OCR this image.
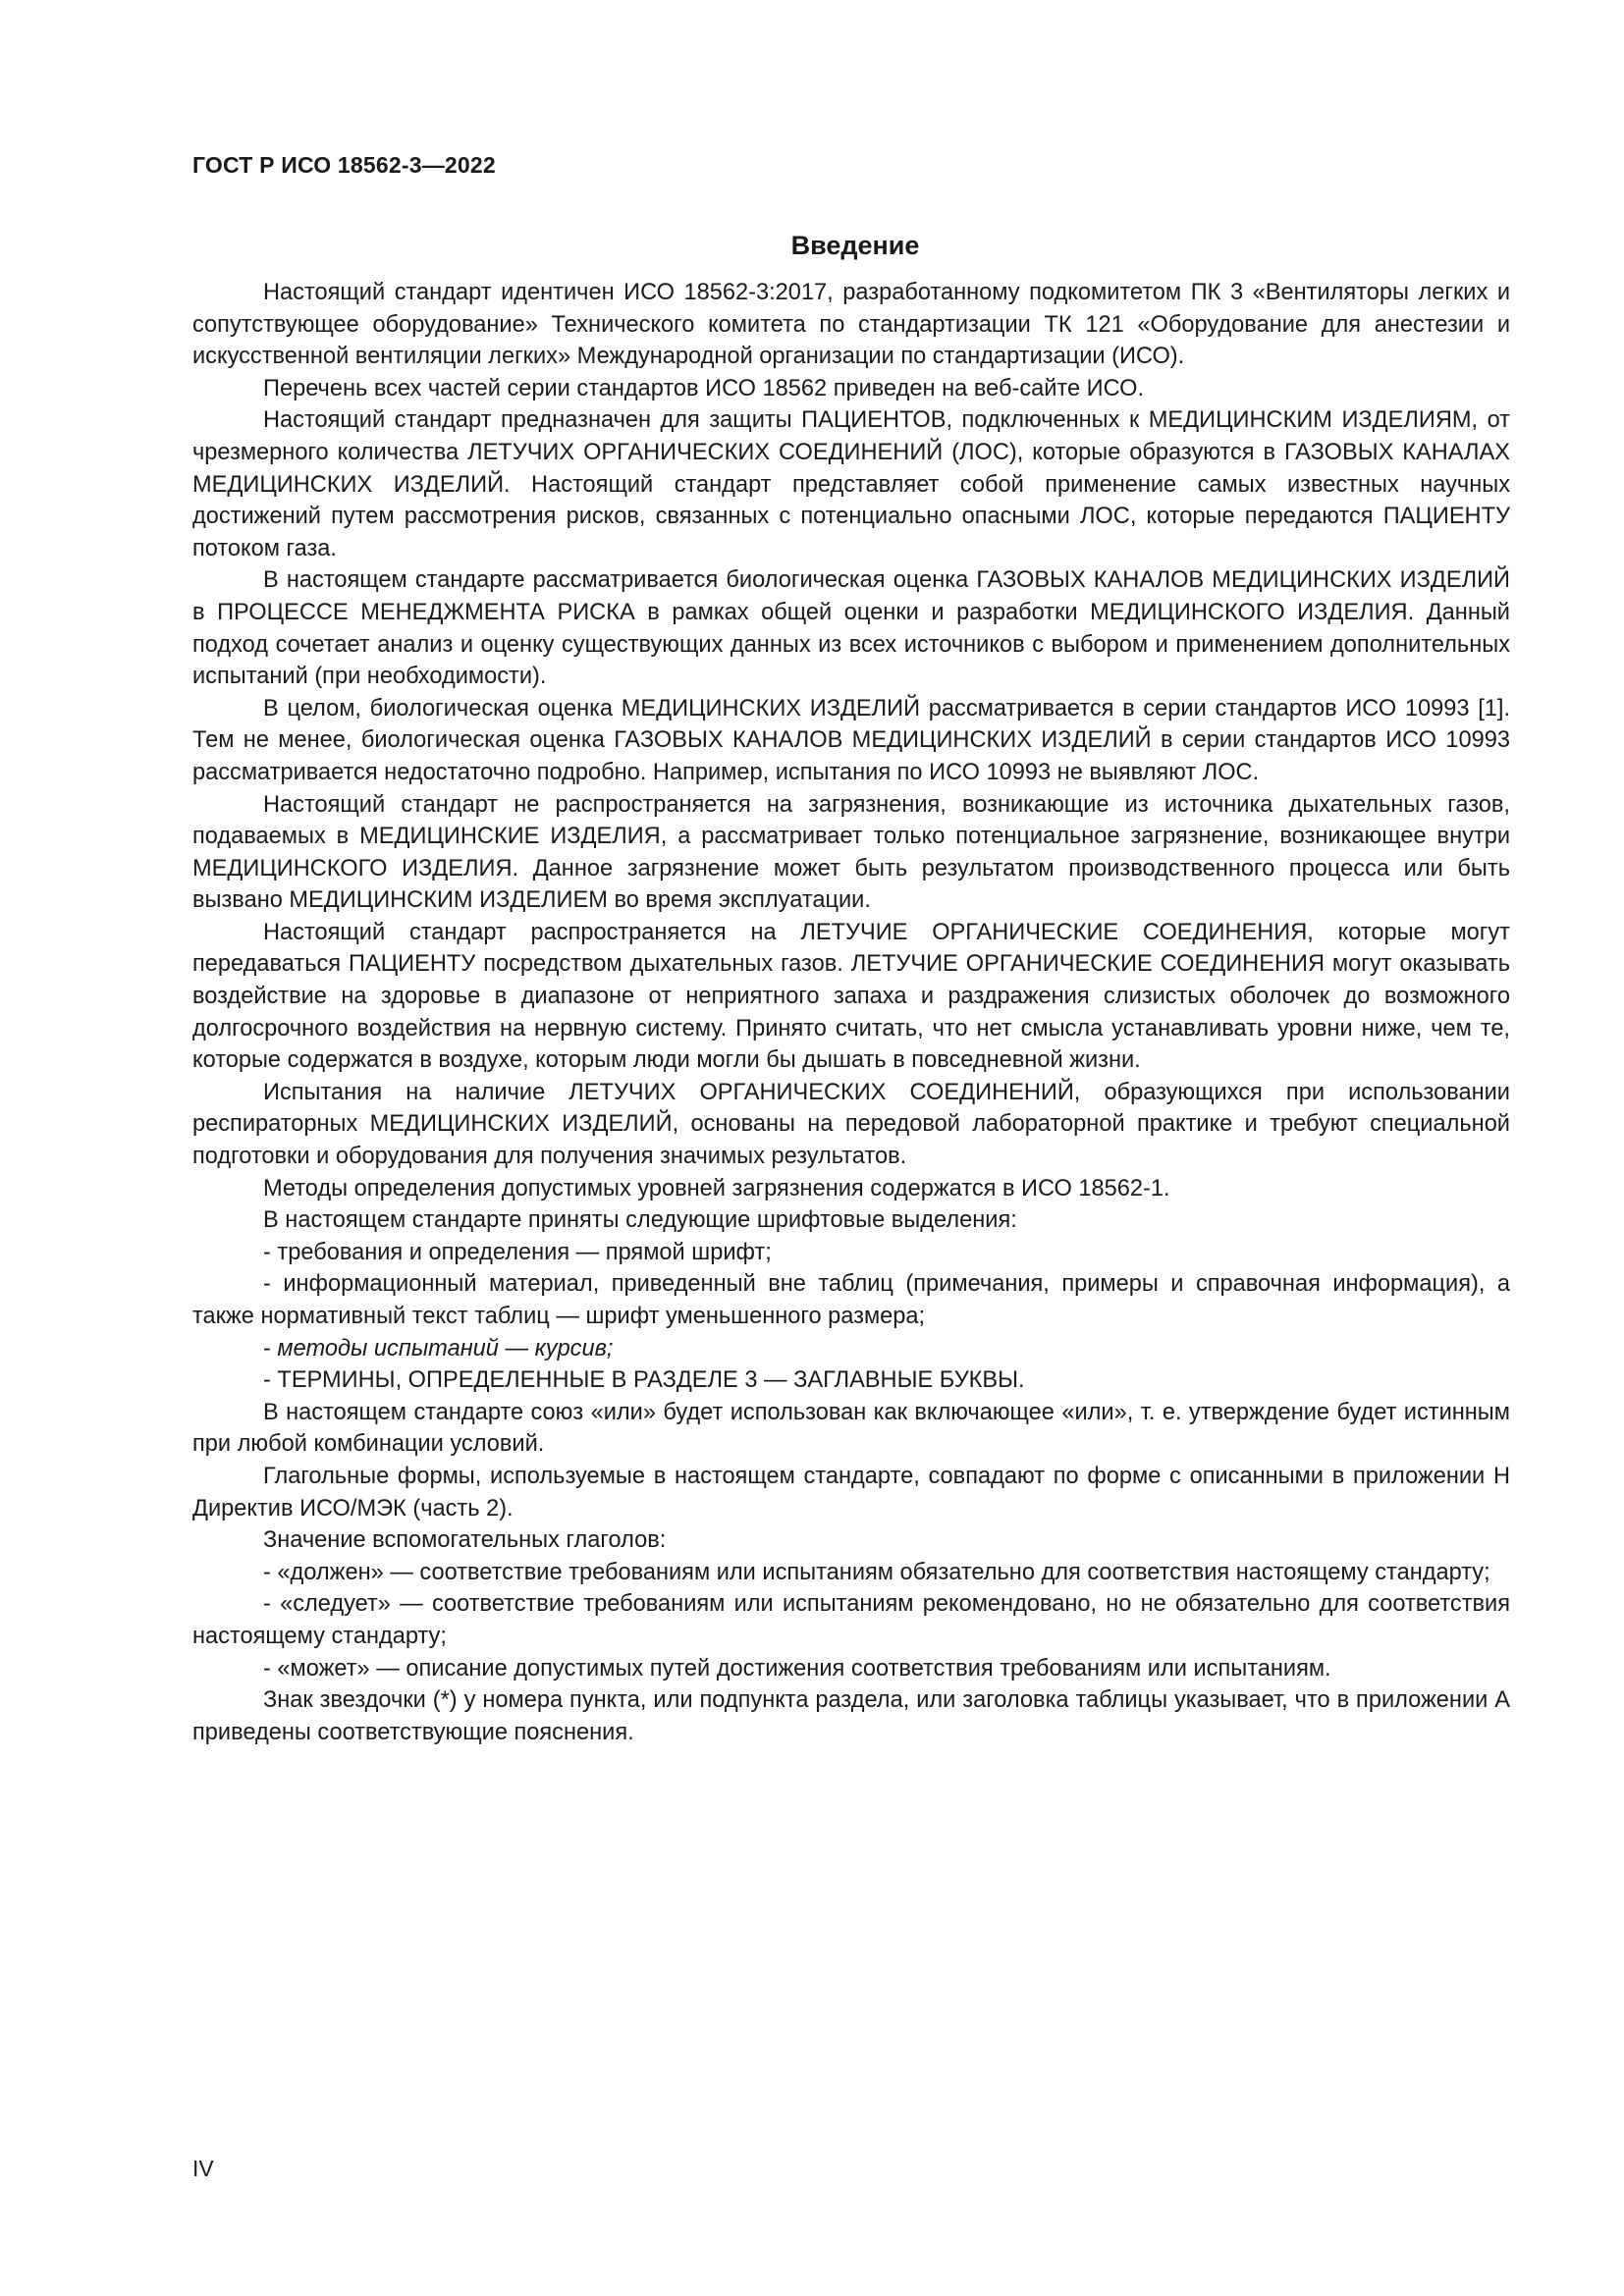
ГОСТ Р ИСО 18562-3—2022
Введение

Настоящий стандарт идентичен ИСО 18562-3:2017, разработанному подкомитетом ПК 3 «Вентиляторы легких и сопутствующее оборудование» Технического комитета по стандартизации ТК 121 «Оборудование для анестезии и искусственной вентиляции легких» Международной организации по стандартизации (ИСО).

Перечень всех частей серии стандартов ИСО 18562 приведен на веб-сайте ИСО.

Настоящий стандарт предназначен для защиты ПАЦИЕНТОВ, подключенных к МЕДИЦИНСКИМ ИЗДЕЛИЯМ, от чрезмерного количества ЛЕТУЧИХ ОРГАНИЧЕСКИХ СОЕДИНЕНИЙ (ЛОС), которые образуются в ГАЗОВЫХ КАНАЛАХ МЕДИЦИНСКИХ ИЗДЕЛИЙ. Настоящий стандарт представляет собой применение самых известных научных достижений путем рассмотрения рисков, связанных с потенциально опасными ЛОС, которые передаются ПАЦИЕНТУ потоком газа.

В настоящем стандарте рассматривается биологическая оценка ГАЗОВЫХ КАНАЛОВ МЕДИЦИНСКИХ ИЗДЕЛИЙ в ПРОЦЕССЕ МЕНЕДЖМЕНТА РИСКА в рамках общей оценки и разработки МЕДИЦИНСКОГО ИЗДЕЛИЯ. Данный подход сочетает анализ и оценку существующих данных из всех источников с выбором и применением дополнительных испытаний (при необходимости).

В целом, биологическая оценка МЕДИЦИНСКИХ ИЗДЕЛИЙ рассматривается в серии стандартов ИСО 10993 [1]. Тем не менее, биологическая оценка ГАЗОВЫХ КАНАЛОВ МЕДИЦИНСКИХ ИЗДЕЛИЙ в серии стандартов ИСО 10993 рассматривается недостаточно подробно. Например, испытания по ИСО 10993 не выявляют ЛОС.

Настоящий стандарт не распространяется на загрязнения, возникающие из источника дыхательных газов, подаваемых в МЕДИЦИНСКИЕ ИЗДЕЛИЯ, а рассматривает только потенциальное загрязнение, возникающее внутри МЕДИЦИНСКОГО ИЗДЕЛИЯ. Данное загрязнение может быть результатом производственного процесса или быть вызвано МЕДИЦИНСКИМ ИЗДЕЛИЕМ во время эксплуатации.

Настоящий стандарт распространяется на ЛЕТУЧИЕ ОРГАНИЧЕСКИЕ СОЕДИНЕНИЯ, которые могут передаваться ПАЦИЕНТУ посредством дыхательных газов. ЛЕТУЧИЕ ОРГАНИЧЕСКИЕ СОЕДИНЕНИЯ могут оказывать воздействие на здоровье в диапазоне от неприятного запаха и раздражения слизистых оболочек до возможного долгосрочного воздействия на нервную систему. Принято считать, что нет смысла устанавливать уровни ниже, чем те, которые содержатся в воздухе, которым люди могли бы дышать в повседневной жизни.

Испытания на наличие ЛЕТУЧИХ ОРГАНИЧЕСКИХ СОЕДИНЕНИЙ, образующихся при использовании респираторных МЕДИЦИНСКИХ ИЗДЕЛИЙ, основаны на передовой лабораторной практике и требуют специальной подготовки и оборудования для получения значимых результатов.

Методы определения допустимых уровней загрязнения содержатся в ИСО 18562-1.

В настоящем стандарте приняты следующие шрифтовые выделения:

- требования и определения — прямой шрифт;

- информационный материал, приведенный вне таблиц (примечания, примеры и справочная информация), а также нормативный текст таблиц — шрифт уменьшенного размера;

- методы испытаний — курсив;

- ТЕРМИНЫ, ОПРЕДЕЛЕННЫЕ В РАЗДЕЛЕ 3 — ЗАГЛАВНЫЕ БУКВЫ.

В настоящем стандарте союз «или» будет использован как включающее «или», т. е. утверждение будет истинным при любой комбинации условий.

Глагольные формы, используемые в настоящем стандарте, совпадают по форме с описанными в приложении Н Директив ИСО/МЭК (часть 2).

Значение вспомогательных глаголов:

- «должен» — соответствие требованиям или испытаниям обязательно для соответствия настоящему стандарту;

- «следует» — соответствие требованиям или испытаниям рекомендовано, но не обязательно для соответствия настоящему стандарту;

- «может» — описание допустимых путей достижения соответствия требованиям или испытаниям.

Знак звездочки (*) у номера пункта, или подпункта раздела, или заголовка таблицы указывает, что в приложении А приведены соответствующие пояснения.

IV
